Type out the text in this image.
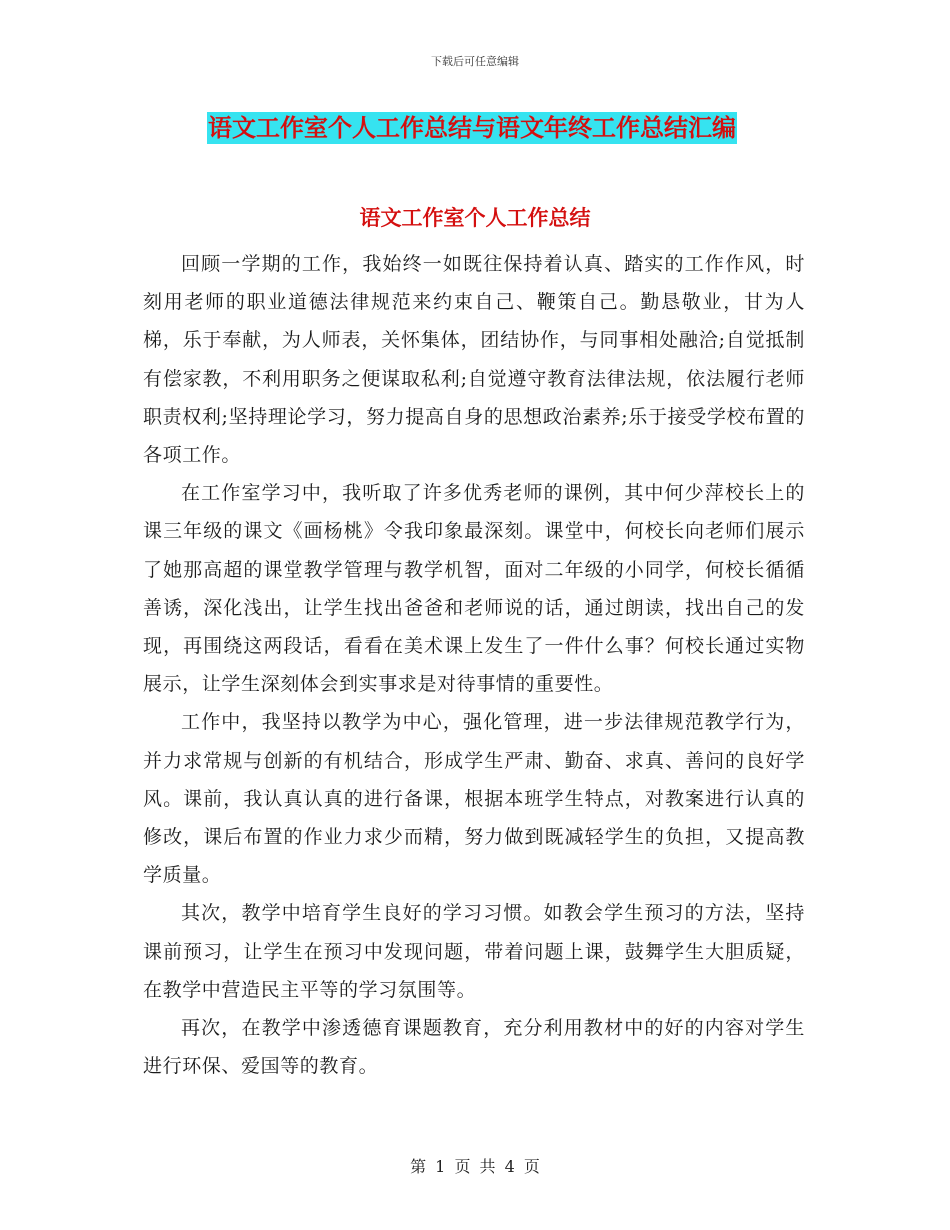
下载后可任意编辑
语文工作室个人工作总结与语文年终工作总结汇编
语文工作室个人工作总结

回顾一学期的工作，我始终一如既往保持着认真、踏实的工作作风，时刻用老师的职业道德法律规范来约束自己、鞭策自己。勤恳敬业，甘为人梯，乐于奉献，为人师表，关怀集体，团结协作，与同事相处融洽;自觉抵制有偿家教，不利用职务之便谋取私利;自觉遵守教育法律法规，依法履行老师职责权利;坚持理论学习，努力提高自身的思想政治素养;乐于接受学校布置的各项工作。

在工作室学习中，我听取了许多优秀老师的课例，其中何少萍校长上的课三年级的课文《画杨桃》令我印象最深刻。课堂中，何校长向老师们展示了她那高超的课堂教学管理与教学机智，面对二年级的小同学，何校长循循善诱，深化浅出，让学生找出爸爸和老师说的话，通过朗读，找出自己的发现，再围绕这两段话，看看在美术课上发生了一件什么事？何校长通过实物展示，让学生深刻体会到实事求是对待事情的重要性。

工作中，我坚持以教学为中心，强化管理，进一步法律规范教学行为，并力求常规与创新的有机结合，形成学生严肃、勤奋、求真、善问的良好学风。课前，我认真认真的进行备课，根据本班学生特点，对教案进行认真的修改，课后布置的作业力求少而精，努力做到既减轻学生的负担，又提高教学质量。

其次，教学中培育学生良好的学习习惯。如教会学生预习的方法，坚持课前预习，让学生在预习中发现问题，带着问题上课，鼓舞学生大胆质疑，在教学中营造民主平等的学习氛围等。

再次，在教学中渗透德育课题教育，充分利用教材中的好的内容对学生进行环保、爱国等的教育。

第 1 页 共 4 页
